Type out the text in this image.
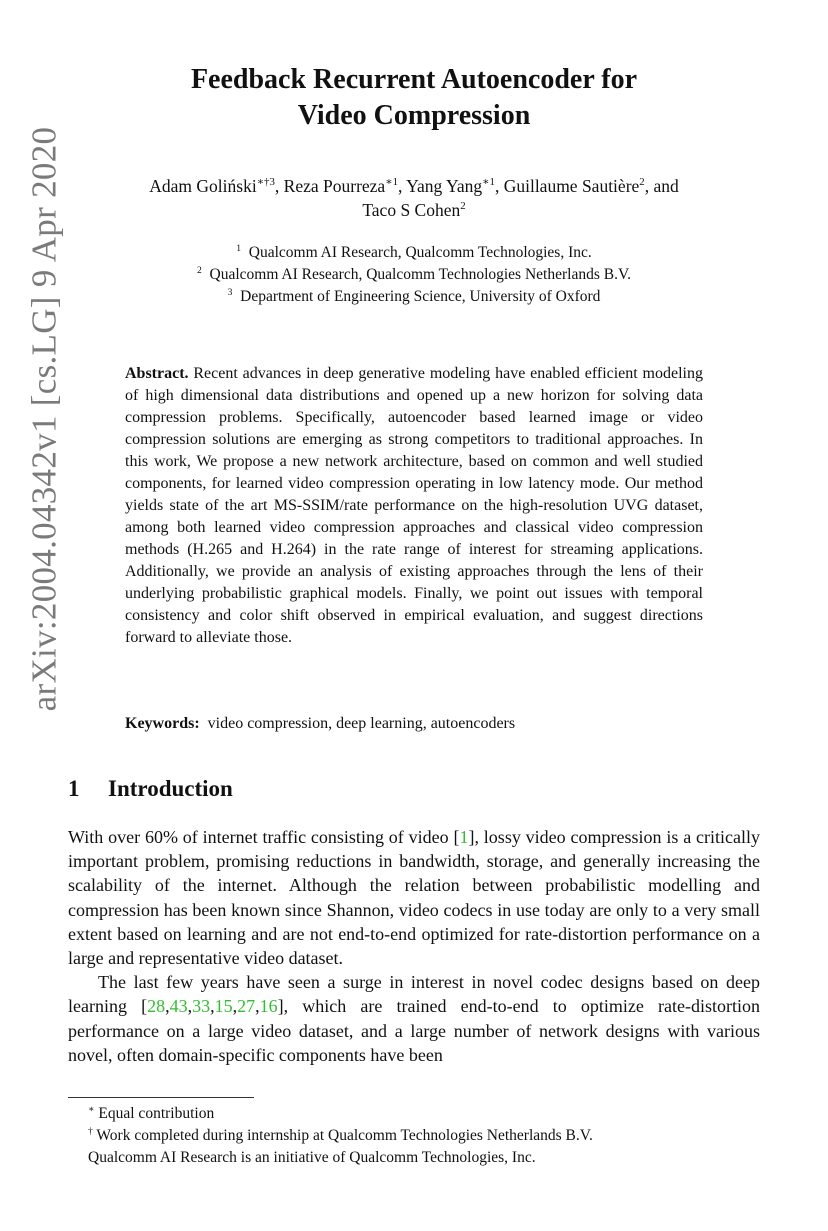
arXiv:2004.04342v1 [cs.LG] 9 Apr 2020
Feedback Recurrent Autoencoder for
Video Compression
Adam Goliński$^{∗\dagger 3}$, Reza Pourreza$^{∗1}$, Yang Yang$^{∗1}$, Guillaume Sautière$^2$, and
Taco S Cohen$^2$
$^1$ Qualcomm AI Research, Qualcomm Technologies, Inc.
$^2$ Qualcomm AI Research, Qualcomm Technologies Netherlands B.V.
$^3$ Department of Engineering Science, University of Oxford
Abstract. Recent advances in deep generative modeling have enabled efficient modeling of high dimensional data distributions and opened up a new horizon for solving data compression problems. Specifically, autoencoder based learned image or video compression solutions are emerging as strong competitors to traditional approaches. In this work, We propose a new network architecture, based on common and well studied components, for learned video compression operating in low latency mode. Our method yields state of the art MS-SSIM/rate performance on the high-resolution UVG dataset, among both learned video compression approaches and classical video compression methods (H.265 and H.264) in the rate range of interest for streaming applications. Additionally, we provide an analysis of existing approaches through the lens of their underlying probabilistic graphical models. Finally, we point out issues with temporal consistency and color shift observed in empirical evaluation, and suggest directions forward to alleviate those.
Keywords: video compression, deep learning, autoencoders
1 Introduction

With over 60% of internet traffic consisting of video [1], lossy video compression is a critically important problem, promising reductions in bandwidth, storage, and generally increasing the scalability of the internet. Although the relation between probabilistic modelling and compression has been known since Shannon, video codecs in use today are only to a very small extent based on learning and are not end-to-end optimized for rate-distortion performance on a large and representative video dataset.

The last few years have seen a surge in interest in novel codec designs based on deep learning [28,43,33,15,27,16], which are trained end-to-end to optimize rate-distortion performance on a large video dataset, and a large number of network designs with various novel, often domain-specific components have been

∗ Equal contribution
† Work completed during internship at Qualcomm Technologies Netherlands B.V.
Qualcomm AI Research is an initiative of Qualcomm Technologies, Inc.
